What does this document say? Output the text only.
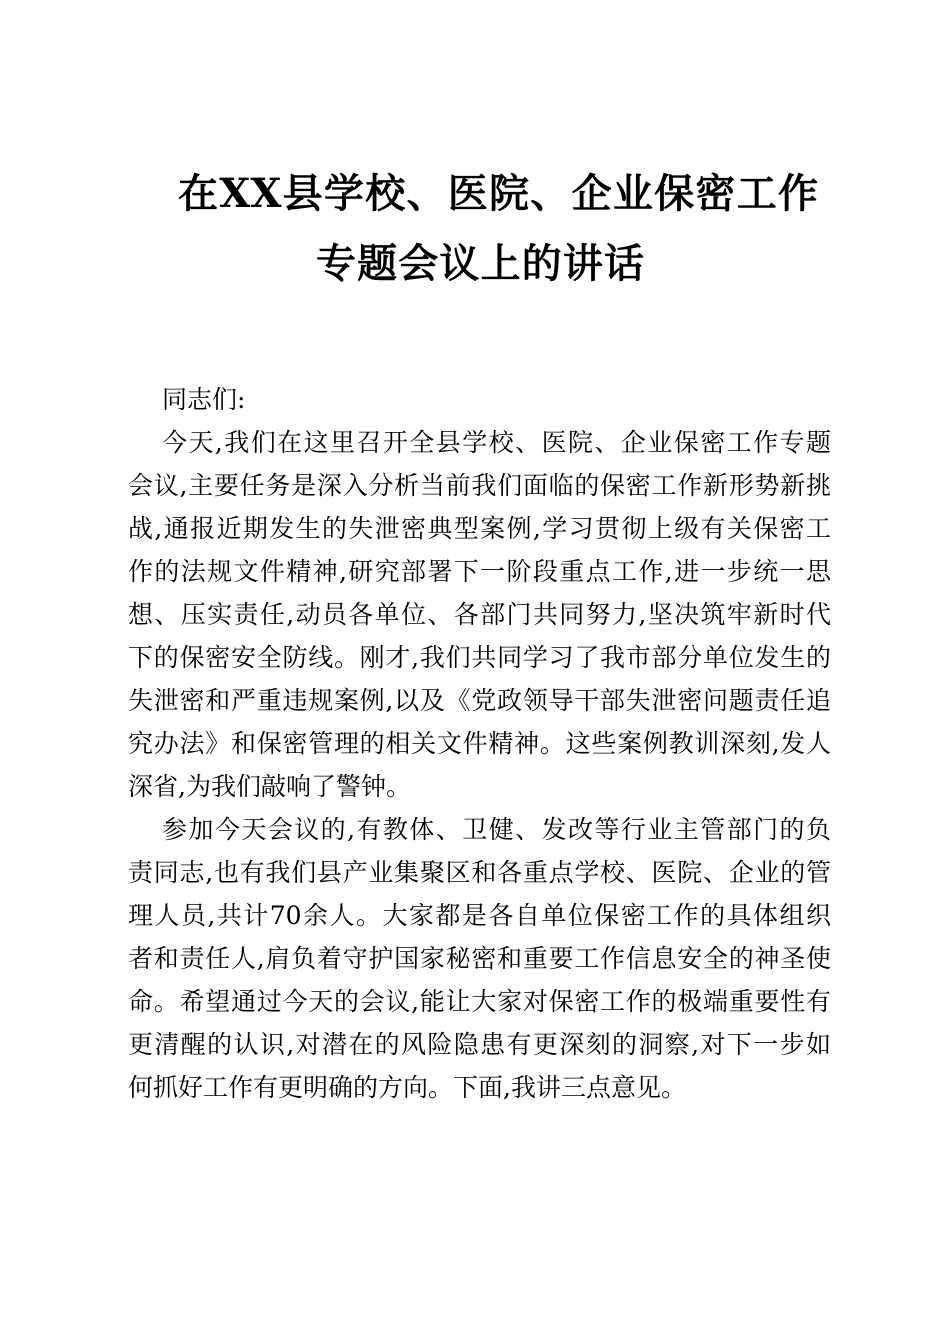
在XX县学校、医院、企业保密工作
专题会议上的讲话
同志们:
今天,我们在这里召开全县学校、医院、企业保密工作专题
会议,主要任务是深入分析当前我们面临的保密工作新形势新挑
战,通报近期发生的失泄密典型案例,学习贯彻上级有关保密工
作的法规文件精神,研究部署下一阶段重点工作,进一步统一思
想、压实责任,动员各单位、各部门共同努力,坚决筑牢新时代
下的保密安全防线。刚才,我们共同学习了我市部分单位发生的
失泄密和严重违规案例,以及《党政领导干部失泄密问题责任追
究办法》和保密管理的相关文件精神。这些案例教训深刻,发人
深省,为我们敲响了警钟。
参加今天会议的,有教体、卫健、发改等行业主管部门的负
责同志,也有我们县产业集聚区和各重点学校、医院、企业的管
理人员,共计70余人。大家都是各自单位保密工作的具体组织
者和责任人,肩负着守护国家秘密和重要工作信息安全的神圣使
命。希望通过今天的会议,能让大家对保密工作的极端重要性有
更清醒的认识,对潜在的风险隐患有更深刻的洞察,对下一步如
何抓好工作有更明确的方向。下面,我讲三点意见。
